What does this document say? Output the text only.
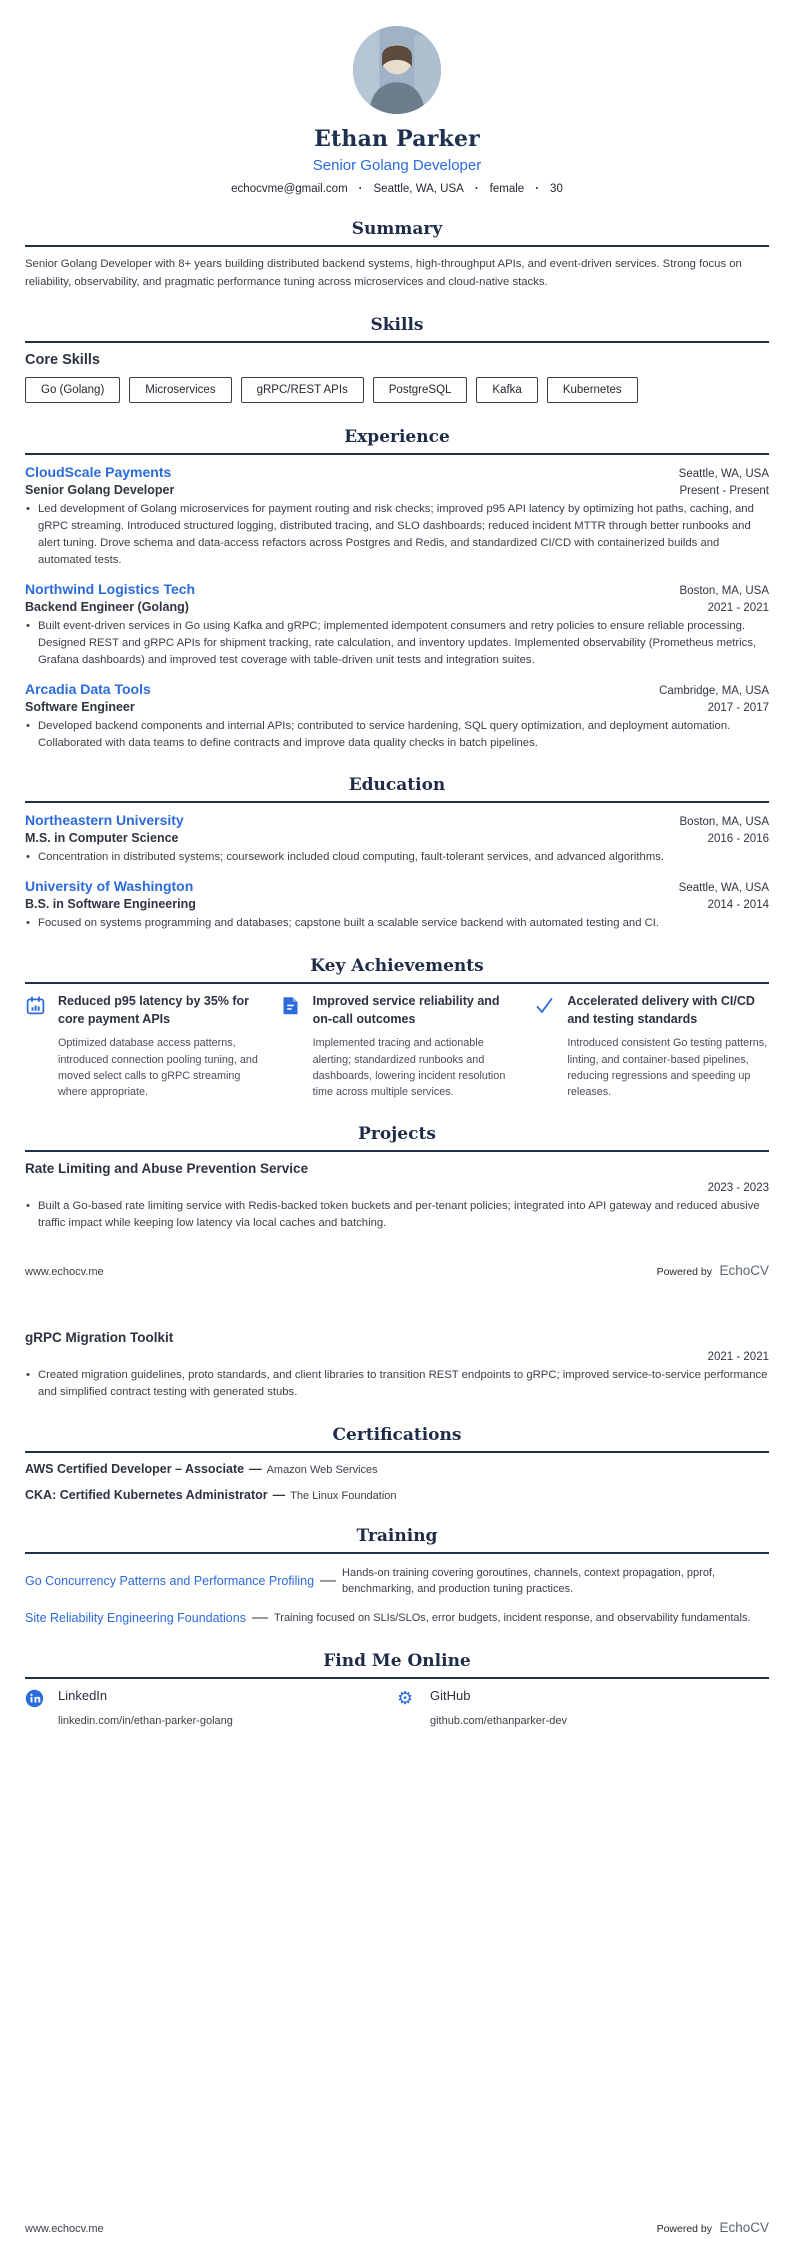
Ethan Parker
Senior Golang Developer
echocvme@gmail.com	· Seattle, WA, USA	· female	· 30
Summary
Senior Golang Developer with 8+ years building distributed backend systems, high-throughput APIs, and event-driven services. Strong focus on reliability, observability, and pragmatic performance tuning across microservices and cloud-native stacks.
Skills
Core Skills
Go (Golang)	Microservices	gRPC/REST APIs	PostgreSQL	Kafka	Kubernetes
Experience
CloudScale Payments	Seattle, WA, USA
Senior Golang Developer	Present - Present
• Led development of Golang microservices for payment routing and risk checks; improved p95 API latency by optimizing hot paths, caching, and gRPC streaming. Introduced structured logging, distributed tracing, and SLO dashboards; reduced incident MTTR through better runbooks and alert tuning. Drove schema and data-access refactors across Postgres and Redis, and standardized CI/CD with containerized builds and automated tests.
Northwind Logistics Tech	Boston, MA, USA
Backend Engineer (Golang)	2021 - 2021
• Built event-driven services in Go using Kafka and gRPC; implemented idempotent consumers and retry policies to ensure reliable processing. Designed REST and gRPC APIs for shipment tracking, rate calculation, and inventory updates. Implemented observability (Prometheus metrics, Grafana dashboards) and improved test coverage with table-driven unit tests and integration suites.
Arcadia Data Tools	Cambridge, MA, USA
Software Engineer	2017 - 2017
• Developed backend components and internal APIs; contributed to service hardening, SQL query optimization, and deployment automation. Collaborated with data teams to define contracts and improve data quality checks in batch pipelines.
Education
Northeastern University	Boston, MA, USA
M.S. in Computer Science	2016 - 2016
• Concentration in distributed systems; coursework included cloud computing, fault-tolerant services, and advanced algorithms.
University of Washington	Seattle, WA, USA
B.S. in Software Engineering	2014 - 2014
• Focused on systems programming and databases; capstone built a scalable service backend with automated testing and CI.
Key Achievements
Reduced p95 latency by 35% for core payment APIs
Optimized database access patterns, introduced connection pooling tuning, and moved select calls to gRPC streaming where appropriate.
Improved service reliability and on-call outcomes
Implemented tracing and actionable alerting; standardized runbooks and dashboards, lowering incident resolution time across multiple services.
Accelerated delivery with CI/CD and testing standards
Introduced consistent Go testing patterns, linting, and container-based pipelines, reducing regressions and speeding up releases.
Projects
Rate Limiting and Abuse Prevention Service
2023 - 2023
• Built a Go-based rate limiting service with Redis-backed token buckets and per-tenant policies; integrated into API gateway and reduced abusive traffic impact while keeping low latency via local caches and batching.
www.echocv.me	Powered by EchoCV
gRPC Migration Toolkit
2021 - 2021
• Created migration guidelines, proto standards, and client libraries to transition REST endpoints to gRPC; improved service-to-service performance and simplified contract testing with generated stubs.
Certifications
AWS Certified Developer – Associate — Amazon Web Services
CKA: Certified Kubernetes Administrator — The Linux Foundation
Training
Go Concurrency Patterns and Performance Profiling — Hands-on training covering goroutines, channels, context propagation, pprof, benchmarking, and production tuning practices.
Site Reliability Engineering Foundations — Training focused on SLIs/SLOs, error budgets, incident response, and observability fundamentals.
Find Me Online
LinkedIn
linkedin.com/in/ethan-parker-golang
⚙ GitHub
github.com/ethanparker-dev
www.echocv.me	Powered by EchoCV
